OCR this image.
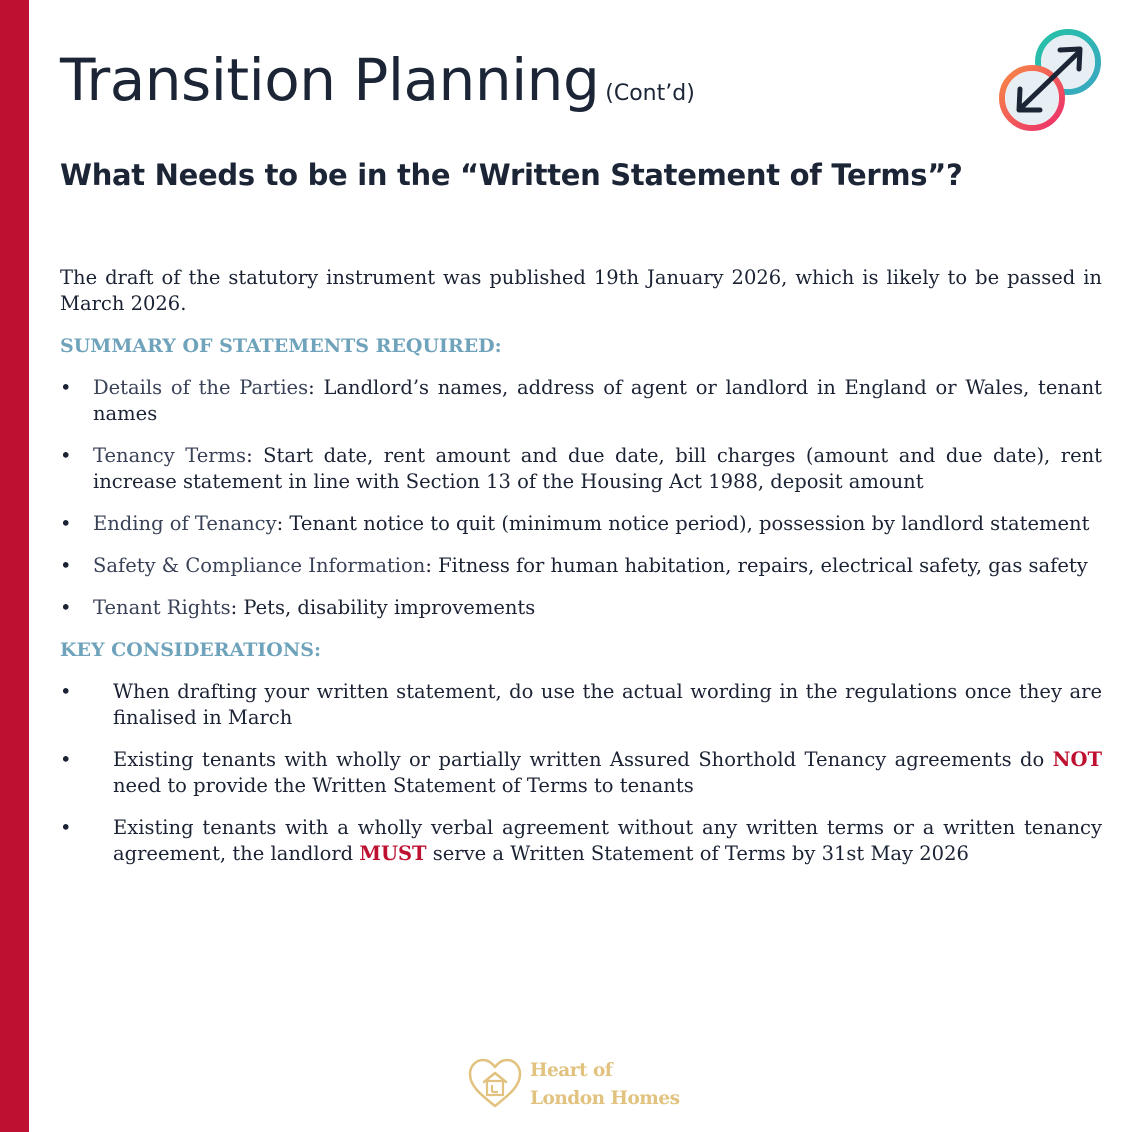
Transition Planning (Cont’d)
What Needs to be in the “Written Statement of Terms”?

The draft of the statutory instrument was published 19th January 2026, which is likely to be passed in March 2026.

SUMMARY OF STATEMENTS REQUIRED:
• Details of the Parties: Landlord’s names, address of agent or landlord in England or Wales, tenant names
• Tenancy Terms: Start date, rent amount and due date, bill charges (amount and due date), rent increase statement in line with Section 13 of the Housing Act 1988, deposit amount
• Ending of Tenancy: Tenant notice to quit (minimum notice period), possession by landlord statement
• Safety & Compliance Information: Fitness for human habitation, repairs, electrical safety, gas safety
• Tenant Rights: Pets, disability improvements
KEY CONSIDERATIONS:
• When drafting your written statement, do use the actual wording in the regulations once they are finalised in March
• Existing tenants with wholly or partially written Assured Shorthold Tenancy agreements do NOT need to provide the Written Statement of Terms to tenants
• Existing tenants with a wholly verbal agreement without any written terms or a written tenancy agreement, the landlord MUST serve a Written Statement of Terms by 31st May 2026
Heart of
London Homes
